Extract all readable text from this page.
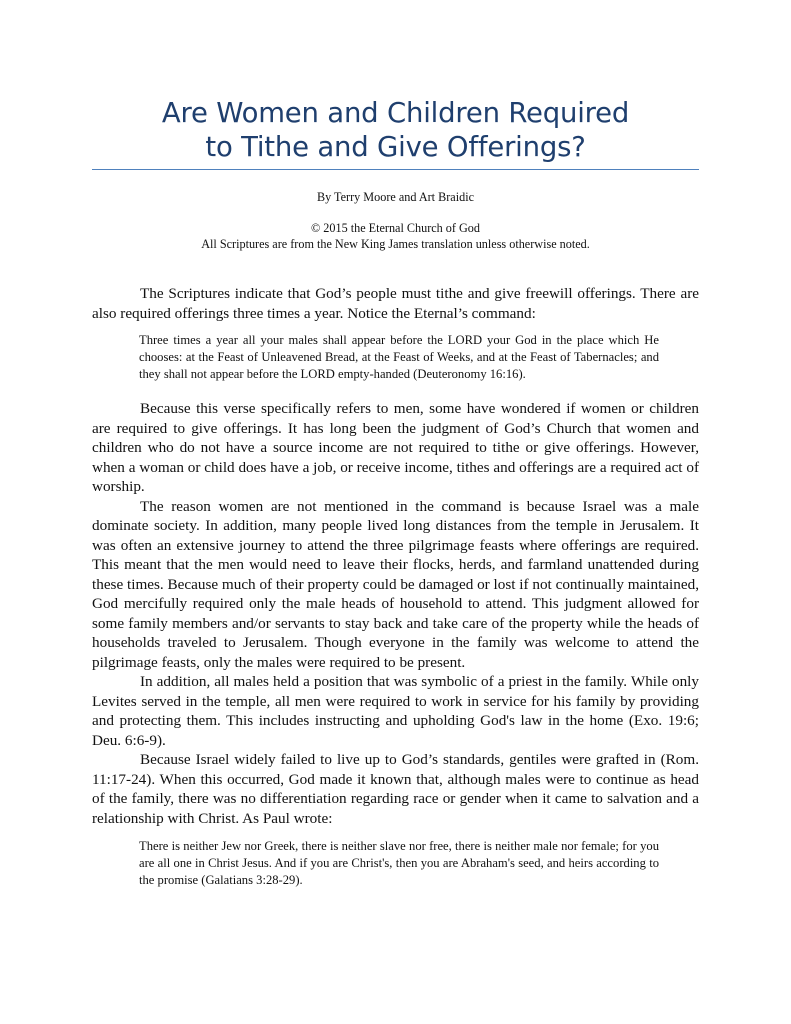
Are Women and Children Required
to Tithe and Give Offerings?
By Terry Moore and Art Braidic
© 2015 the Eternal Church of God
All Scriptures are from the New King James translation unless otherwise noted.

The Scriptures indicate that God’s people must tithe and give freewill offerings. There are also required offerings three times a year. Notice the Eternal’s command:

Three times a year all your males shall appear before the LORD your God in the place which He chooses: at the Feast of Unleavened Bread, at the Feast of Weeks, and at the Feast of Tabernacles; and they shall not appear before the LORD empty-handed (Deuteronomy 16:16).

Because this verse specifically refers to men, some have wondered if women or children are required to give offerings. It has long been the judgment of God’s Church that women and children who do not have a source income are not required to tithe or give offerings. However, when a woman or child does have a job, or receive income, tithes and offerings are a required act of worship.

The reason women are not mentioned in the command is because Israel was a male dominate society. In addition, many people lived long distances from the temple in Jerusalem. It was often an extensive journey to attend the three pilgrimage feasts where offerings are required. This meant that the men would need to leave their flocks, herds, and farmland unattended during these times. Because much of their property could be damaged or lost if not continually maintained, God mercifully required only the male heads of household to attend. This judgment allowed for some family members and/or servants to stay back and take care of the property while the heads of households traveled to Jerusalem. Though everyone in the family was welcome to attend the pilgrimage feasts, only the males were required to be present.

In addition, all males held a position that was symbolic of a priest in the family. While only Levites served in the temple, all men were required to work in service for his family by providing and protecting them. This includes instructing and upholding God's law in the home (Exo. 19:6; Deu. 6:6-9).

Because Israel widely failed to live up to God’s standards, gentiles were grafted in (Rom. 11:17-24). When this occurred, God made it known that, although males were to continue as head of the family, there was no differentiation regarding race or gender when it came to salvation and a relationship with Christ. As Paul wrote:

There is neither Jew nor Greek, there is neither slave nor free, there is neither male nor female; for you are all one in Christ Jesus. And if you are Christ's, then you are Abraham's seed, and heirs according to the promise (Galatians 3:28-29).
